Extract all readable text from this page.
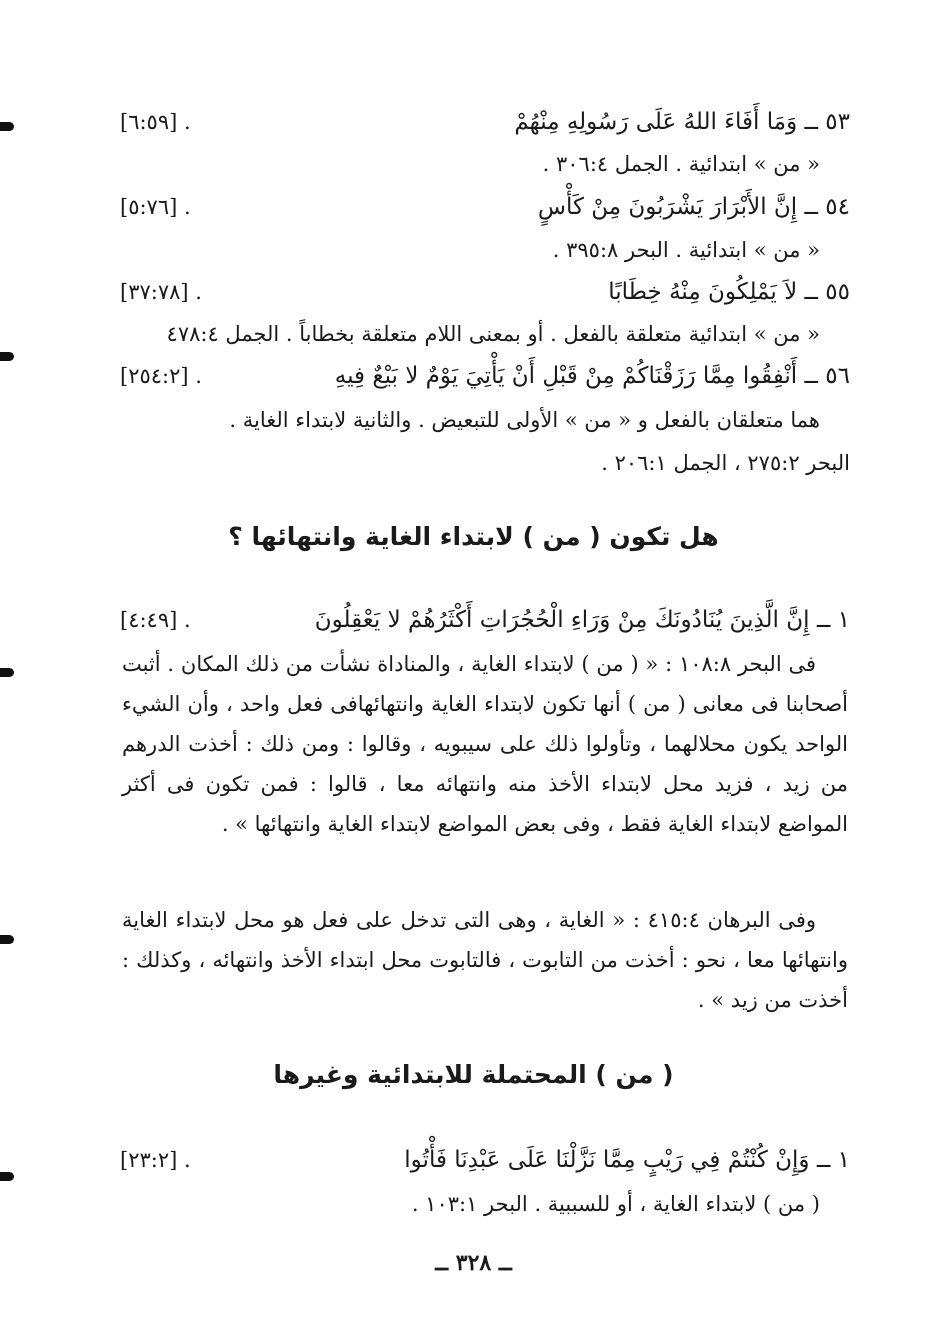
٥٣ ــ وَمَا أَفَاءَ اللهُ عَلَى رَسُولِهِ مِنْهُمْ
[٦:٥٩] .
« من » ابتدائية . الجمل ٣٠٦:٤ .
٥٤ ــ إِنَّ الأَبْرَارَ يَشْرَبُونَ مِنْ كَأْسٍ
[٥:٧٦] .
« من » ابتدائية . البحر ٣٩٥:٨ .
٥٥ ــ لاَ يَمْلِكُونَ مِنْهُ خِطَابًا
[٣٧:٧٨] .
« من » ابتدائية متعلقة بالفعل . أو بمعنى اللام متعلقة بخطاباً . الجمل ٤٧٨:٤
٥٦ ــ أَنْفِقُوا مِمَّا رَزَقْنَاكُمْ مِنْ قَبْلِ أَنْ يَأْتِيَ يَوْمٌ لا بَيْعٌ فِيهِ
[٢٥٤:٢] .
هما متعلقان بالفعل و « من » الأولى للتبعيض . والثانية لابتداء الغاية .
البحر ٢٧٥:٢ ، الجمل ٢٠٦:١ .
هل تكون ( من ) لابتداء الغاية وانتهائها ؟
١ ــ إِنَّ الَّذِينَ يُنَادُونَكَ مِنْ وَرَاءِ الْحُجُرَاتِ أَكْثَرُهُمْ لا يَعْقِلُونَ
[٤:٤٩] .
فى البحر ١٠٨:٨ : « ( من ) لابتداء الغاية ، والمناداة نشأت من ذلك المكان . أثبت أصحابنا فى معانى ( من ) أنها تكون لابتداء الغاية وانتهائهافى فعل واحد ، وأن الشيء الواحد يكون محلالهما ، وتأولوا ذلك على سيبويه ، وقالوا : ومن ذلك : أخذت الدرهم من زيد ، فزيد محل لابتداء الأخذ منه وانتهائه معا ، قالوا : فمن تكون فى أكثر المواضع لابتداء الغاية فقط ، وفى بعض المواضع لابتداء الغاية وانتهائها » .
وفى البرهان ٤١٥:٤ : « الغاية ، وهى التى تدخل على فعل هو محل لابتداء الغاية وانتهائها معا ، نحو : أخذت من التابوت ، فالتابوت محل ابتداء الأخذ وانتهائه ، وكذلك : أخذت من زيد » .
( من ) المحتملة للابتدائية وغيرها
١ ــ وَإِنْ كُنْتُمْ فِي رَيْبٍ مِمَّا نَزَّلْنَا عَلَى عَبْدِنَا فَأْتُوا
[٢٣:٢] .
( من ) لابتداء الغاية ، أو للسببية . البحر ١٠٣:١ .
ــ ٣٢٨ ــ
